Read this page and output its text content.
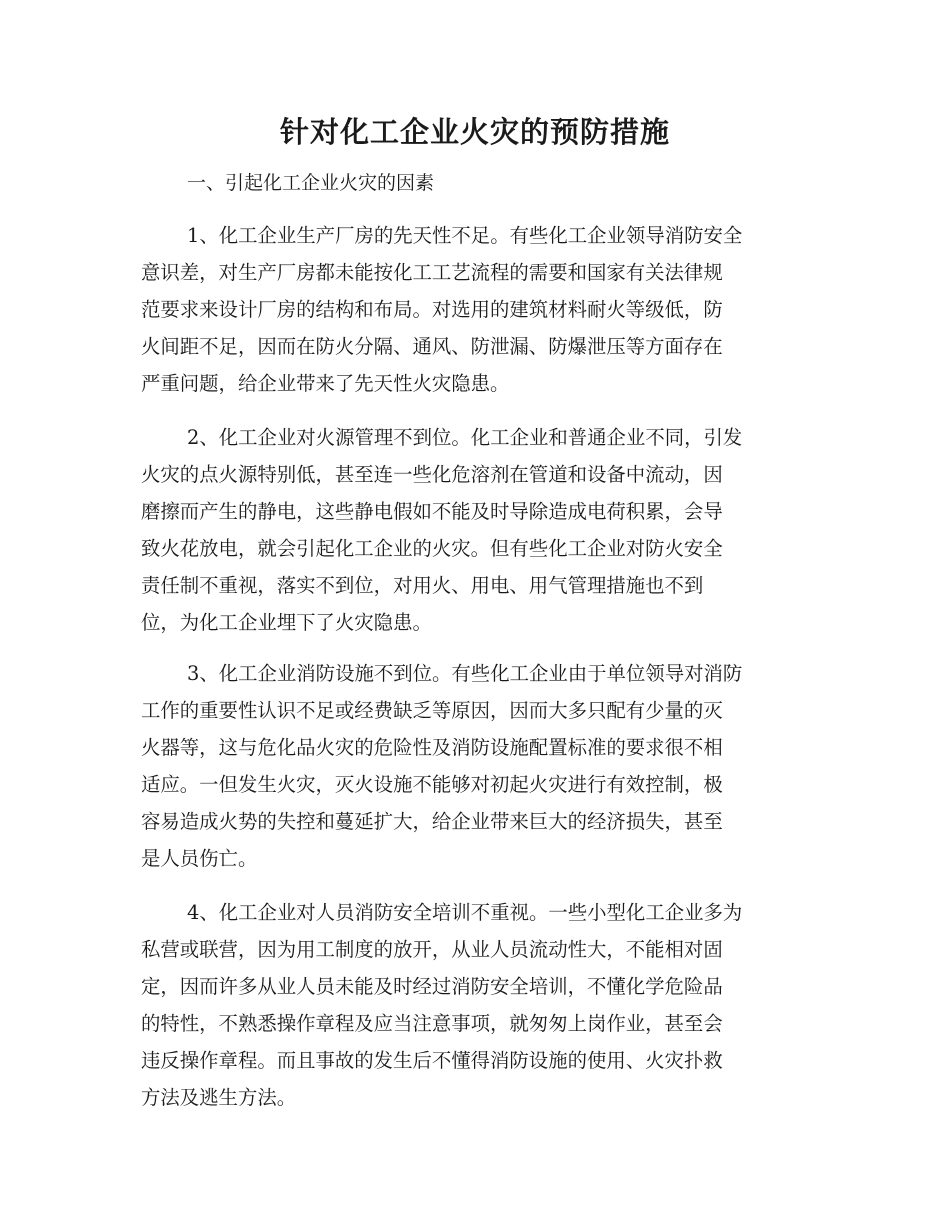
针对化工企业火灾的预防措施

一、引起化工企业火灾的因素

1、化工企业生产厂房的先天性不足。有些化工企业领导消防安全
意识差，对生产厂房都未能按化工工艺流程的需要和国家有关法律规
范要求来设计厂房的结构和布局。对选用的建筑材料耐火等级低，防
火间距不足，因而在防火分隔、通风、防泄漏、防爆泄压等方面存在
严重问题，给企业带来了先天性火灾隐患。
2、化工企业对火源管理不到位。化工企业和普通企业不同，引发
火灾的点火源特别低，甚至连一些化危溶剂在管道和设备中流动，因
磨擦而产生的静电，这些静电假如不能及时导除造成电荷积累，会导
致火花放电，就会引起化工企业的火灾。但有些化工企业对防火安全
责任制不重视，落实不到位，对用火、用电、用气管理措施也不到
位，为化工企业埋下了火灾隐患。
3、化工企业消防设施不到位。有些化工企业由于单位领导对消防
工作的重要性认识不足或经费缺乏等原因，因而大多只配有少量的灭
火器等，这与危化品火灾的危险性及消防设施配置标准的要求很不相
适应。一但发生火灾，灭火设施不能够对初起火灾进行有效控制，极
容易造成火势的失控和蔓延扩大，给企业带来巨大的经济损失，甚至
是人员伤亡。
4、化工企业对人员消防安全培训不重视。一些小型化工企业多为
私营或联营，因为用工制度的放开，从业人员流动性大，不能相对固
定，因而许多从业人员未能及时经过消防安全培训，不懂化学危险品
的特性，不熟悉操作章程及应当注意事项，就匆匆上岗作业，甚至会
违反操作章程。而且事故的发生后不懂得消防设施的使用、火灾扑救
方法及逃生方法。
